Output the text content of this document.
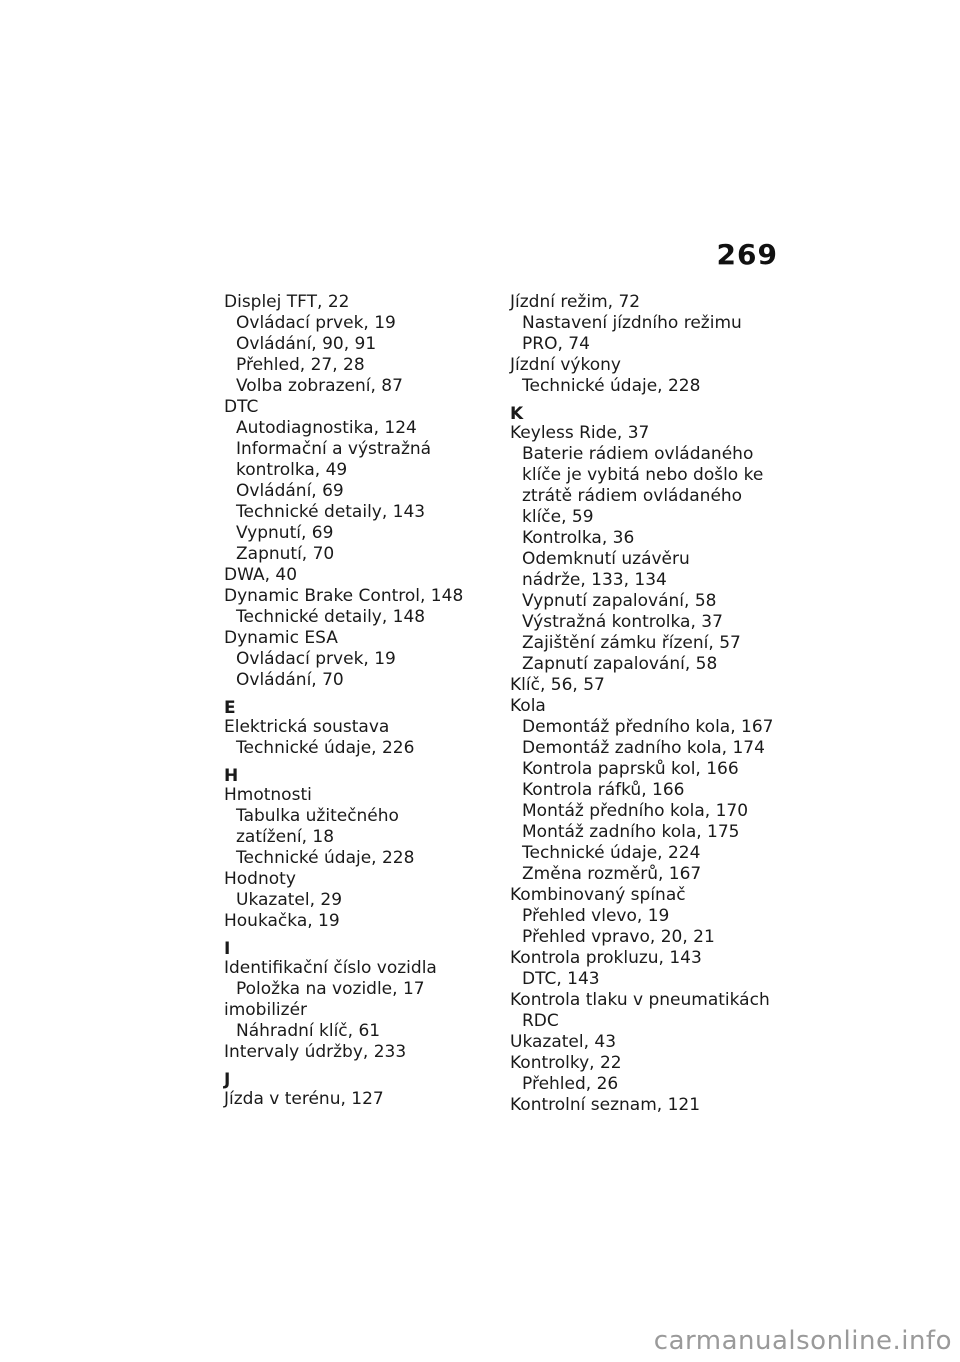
269
Displej TFT, 22
Ovládací prvek, 19
Ovládání, 90, 91
Přehled, 27, 28
Volba zobrazení, 87
DTC
Autodiagnostika, 124
Informační a výstražná
kontrolka, 49
Ovládání, 69
Technické detaily, 143
Vypnutí, 69
Zapnutí, 70
DWA, 40
Dynamic Brake Control, 148
Technické detaily, 148
Dynamic ESA
Ovládací prvek, 19
Ovládání, 70
E
Elektrická soustava
Technické údaje, 226
H
Hmotnosti
Tabulka užitečného
zatížení, 18
Technické údaje, 228
Hodnoty
Ukazatel, 29
Houkačka, 19
I
Identifikační číslo vozidla
Položka na vozidle, 17
imobilizér
Náhradní klíč, 61
Intervaly údržby, 233
J
Jízda v terénu, 127
Jízdní režim, 72
Nastavení jízdního režimu
PRO, 74
Jízdní výkony
Technické údaje, 228
K
Keyless Ride, 37
Baterie rádiem ovládaného
klíče je vybitá nebo došlo ke
ztrátě rádiem ovládaného
klíče, 59
Kontrolka, 36
Odemknutí uzávěru
nádrže, 133, 134
Vypnutí zapalování, 58
Výstražná kontrolka, 37
Zajištění zámku řízení, 57
Zapnutí zapalování, 58
Klíč, 56, 57
Kola
Demontáž předního kola, 167
Demontáž zadního kola, 174
Kontrola paprsků kol, 166
Kontrola ráfků, 166
Montáž předního kola, 170
Montáž zadního kola, 175
Technické údaje, 224
Změna rozměrů, 167
Kombinovaný spínač
Přehled vlevo, 19
Přehled vpravo, 20, 21
Kontrola prokluzu, 143
DTC, 143
Kontrola tlaku v pneumatikách
RDC
Ukazatel, 43
Kontrolky, 22
Přehled, 26
Kontrolní seznam, 121
carmanualsonline.info
